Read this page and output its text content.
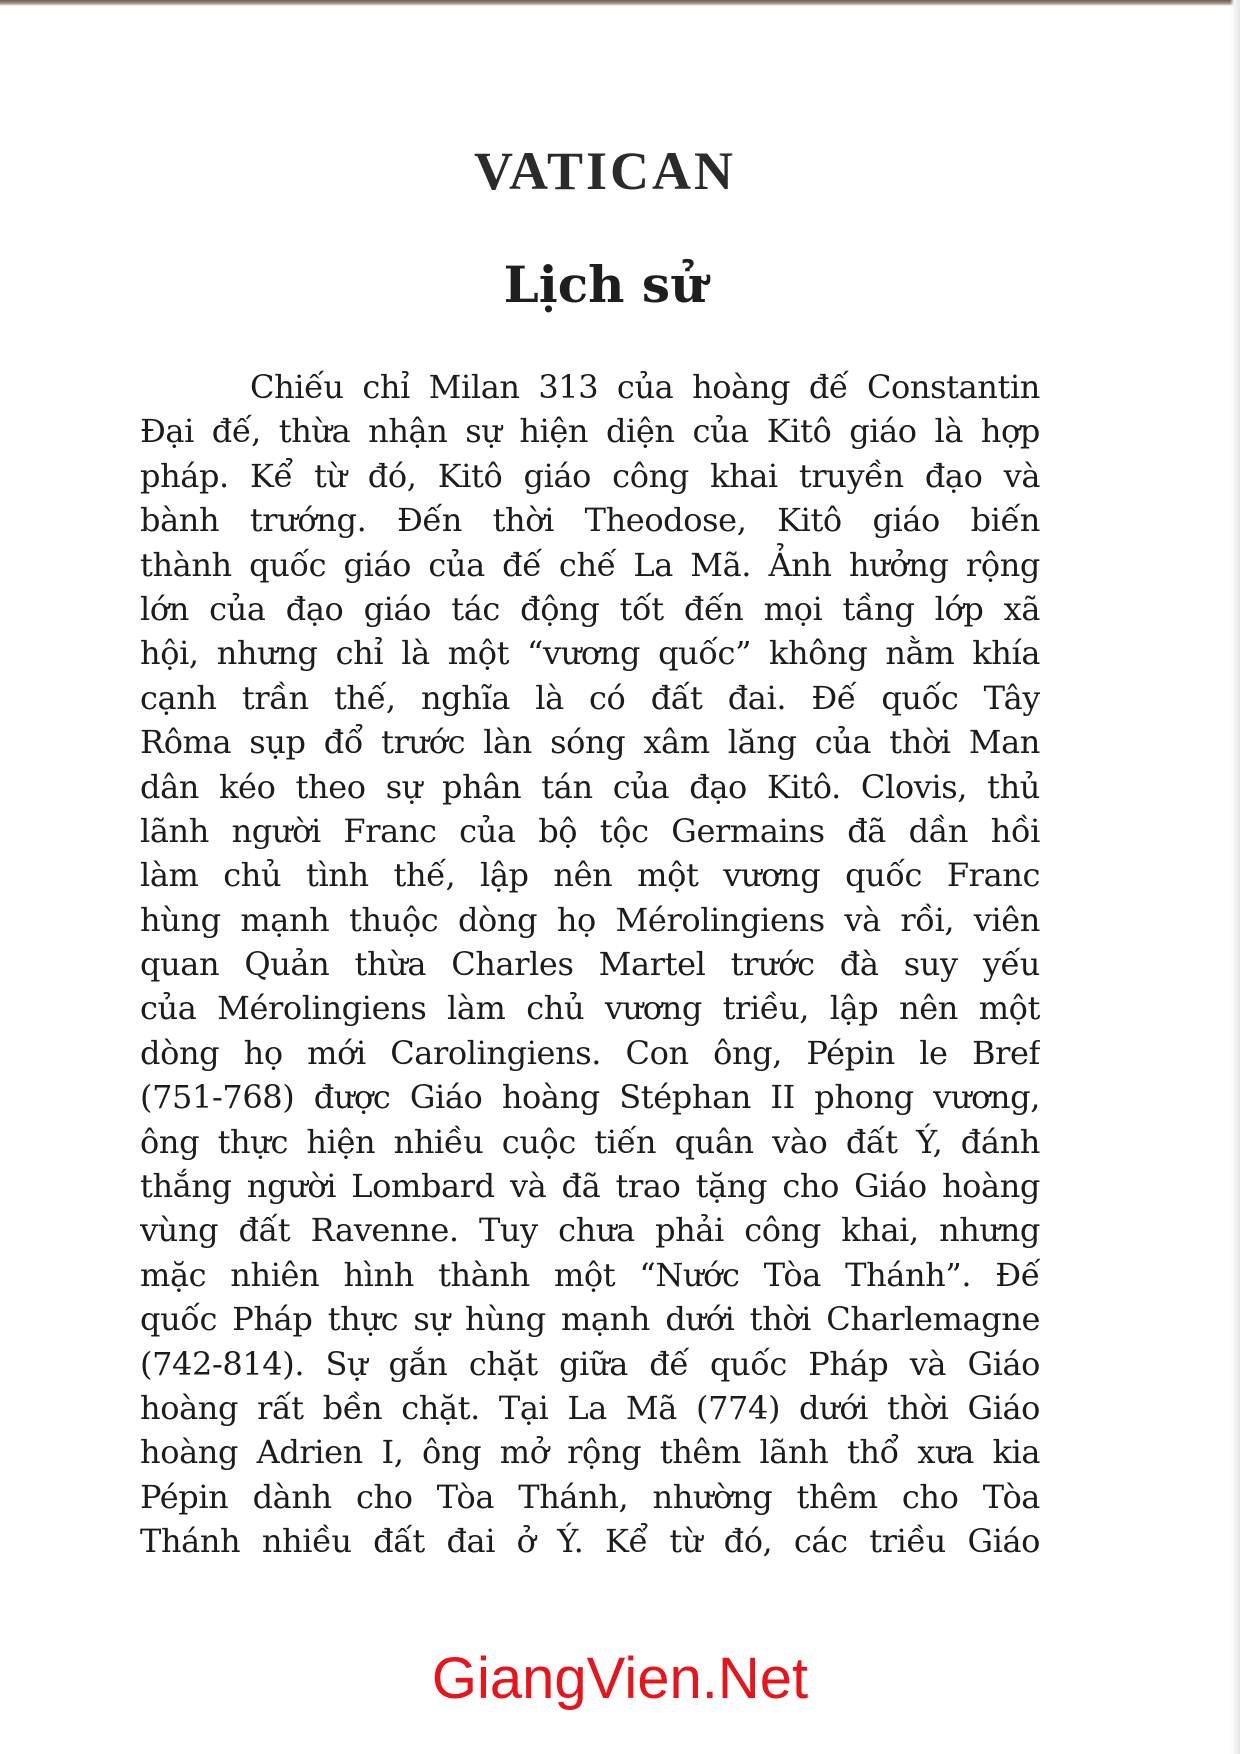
VATICAN
Lịch sử
Chiếu chỉ Milan 313 của hoàng đế Constantin
Đại đế, thừa nhận sự hiện diện của Kitô giáo là hợp
pháp. Kể từ đó, Kitô giáo công khai truyền đạo và
bành trướng. Đến thời Theodose, Kitô giáo biến
thành quốc giáo của đế chế La Mã. Ảnh hưởng rộng
lớn của đạo giáo tác động tốt đến mọi tầng lớp xã
hội, nhưng chỉ là một “vương quốc” không nằm khía
cạnh trần thế, nghĩa là có đất đai. Đế quốc Tây
Rôma sụp đổ trước làn sóng xâm lăng của thời Man
dân kéo theo sự phân tán của đạo Kitô. Clovis, thủ
lãnh người Franc của bộ tộc Germains đã dần hồi
làm chủ tình thế, lập nên một vương quốc Franc
hùng mạnh thuộc dòng họ Mérolingiens và rồi, viên
quan Quản thừa Charles Martel trước đà suy yếu
của Mérolingiens làm chủ vương triều, lập nên một
dòng họ mới Carolingiens. Con ông, Pépin le Bref
(751-768) được Giáo hoàng Stéphan II phong vương,
ông thực hiện nhiều cuộc tiến quân vào đất Ý, đánh
thắng người Lombard và đã trao tặng cho Giáo hoàng
vùng đất Ravenne. Tuy chưa phải công khai, nhưng
mặc nhiên hình thành một “Nước Tòa Thánh”. Đế
quốc Pháp thực sự hùng mạnh dưới thời Charlemagne
(742-814). Sự gắn chặt giữa đế quốc Pháp và Giáo
hoàng rất bền chặt. Tại La Mã (774) dưới thời Giáo
hoàng Adrien I, ông mở rộng thêm lãnh thổ xưa kia
Pépin dành cho Tòa Thánh, nhường thêm cho Tòa
Thánh nhiều đất đai ở Ý. Kể từ đó, các triều Giáo
GiangVien.Net
